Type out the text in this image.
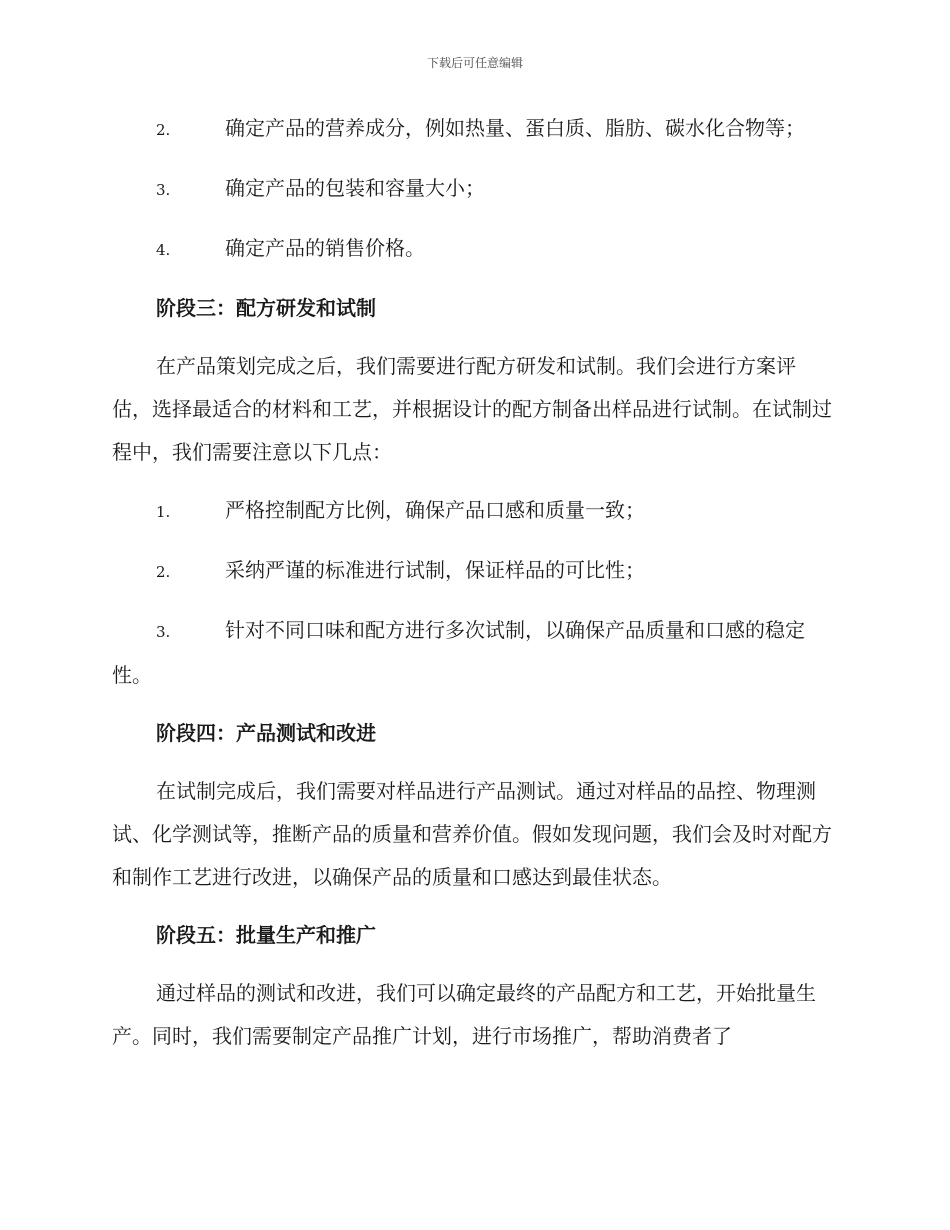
下载后可任意编辑

2.	确定产品的营养成分，例如热量、蛋白质、脂肪、碳水化合物等；

3.	确定产品的包装和容量大小；

4.	确定产品的销售价格。

阶段三：配方研发和试制

在产品策划完成之后，我们需要进行配方研发和试制。我们会进行方案评估，选择最适合的材料和工艺，并根据设计的配方制备出样品进行试制。在试制过程中，我们需要注意以下几点：

1.	严格控制配方比例，确保产品口感和质量一致；

2.	采纳严谨的标准进行试制，保证样品的可比性；

3.	针对不同口味和配方进行多次试制，以确保产品质量和口感的稳定性。

阶段四：产品测试和改进

在试制完成后，我们需要对样品进行产品测试。通过对样品的品控、物理测试、化学测试等，推断产品的质量和营养价值。假如发现问题，我们会及时对配方和制作工艺进行改进，以确保产品的质量和口感达到最佳状态。

阶段五：批量生产和推广

通过样品的测试和改进，我们可以确定最终的产品配方和工艺，开始批量生产。同时，我们需要制定产品推广计划，进行市场推广，帮助消费者了
